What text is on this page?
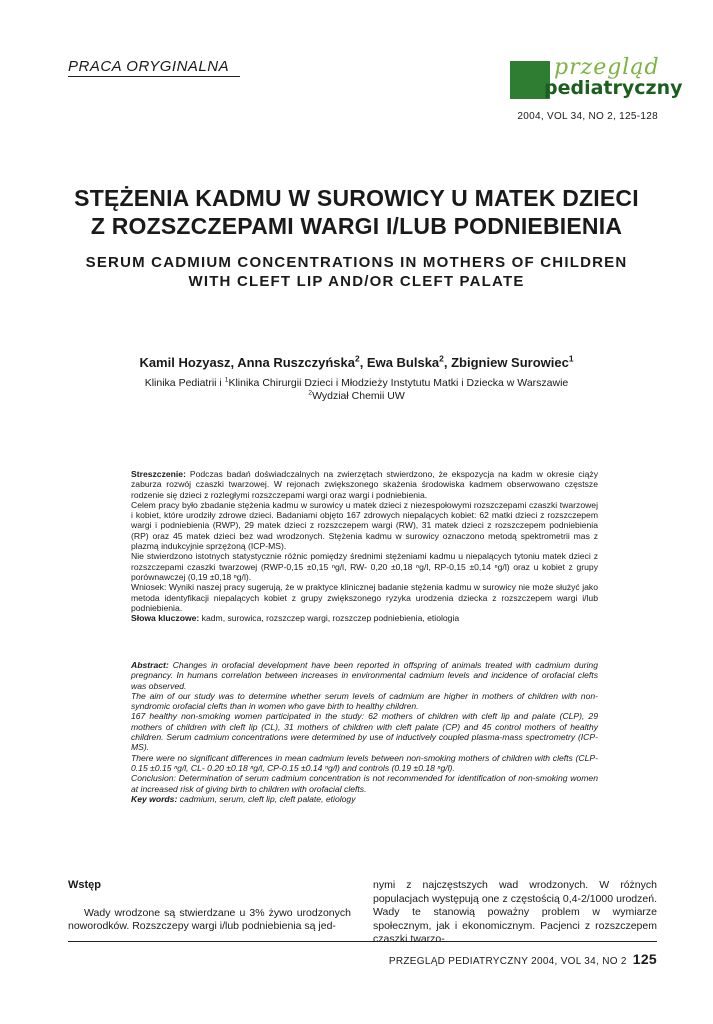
PRACA ORYGINALNA	przegląd
pediatryczny
2004, VOL 34, NO 2, 125-128
STĘŻENIA KADMU W SUROWICY U MATEK DZIECI
Z ROZSZCZEPAMI WARGI I/LUB PODNIEBIENIA
SERUM CADMIUM CONCENTRATIONS IN MOTHERS OF CHILDREN
WITH CLEFT LIP AND/OR CLEFT PALATE
Kamil Hozyasz, Anna Ruszczyńska$^2$, Ewa Bulska$^2$, Zbigniew Surowiec$^1$
Klinika Pediatrii i $^1$Klinika Chirurgii Dzieci i Młodzieży Instytutu Matki i Dziecka w Warszawie
$^2$Wydział Chemii UW

Streszczenie: Podczas badań doświadczalnych na zwierzętach stwierdzono, że ekspozycja na kadm w okresie ciąży zaburza rozwój czaszki twarzowej. W rejonach zwiększonego skażenia środowiska kadmem obserwowano częstsze rodzenie się dzieci z rozległymi rozszczepami wargi oraz wargi i podniebienia.

Celem pracy było zbadanie stężenia kadmu w surowicy u matek dzieci z niezespołowymi rozszczepami czaszki twarzowej i kobiet, które urodziły zdrowe dzieci. Badaniami objęto 167 zdrowych niepalących kobiet: 62 matki dzieci z rozszczepem wargi i podniebienia (RWP), 29 matek dzieci z rozszczepem wargi (RW), 31 matek dzieci z rozszczepem podniebienia (RP) oraz 45 matek dzieci bez wad wrodzonych. Stężenia kadmu w surowicy oznaczono metodą spektrometrii mas z plazmą indukcyjnie sprzężoną (ICP-MS).

Nie stwierdzono istotnych statystycznie różnic pomiędzy średnimi stężeniami kadmu u niepalących tytoniu matek dzieci z rozszczepami czaszki twarzowej (RWP-0,15 ±0,15 ⁿg/l, RW- 0,20 ±0,18 ⁿg/l, RP-0,15 ±0,14 ⁿg/l) oraz u kobiet z grupy porównawczej (0,19 ±0,18 ⁿg/l).

Wniosek: Wyniki naszej pracy sugerują, że w praktyce klinicznej badanie stężenia kadmu w surowicy nie może służyć jako metoda identyfikacji niepalących kobiet z grupy zwiększonego ryzyka urodzenia dziecka z rozszczepem wargi i/lub podniebienia.

Słowa kluczowe: kadm, surowica, rozszczep wargi, rozszczep podniebienia, etiologia

Abstract: Changes in orofacial development have been reported in offspring of animals treated with cadmium during pregnancy. In humans correlation between increases in environmental cadmium levels and incidence of orofacial clefts was observed.

The aim of our study was to determine whether serum levels of cadmium are higher in mothers of children with non-syndromic orofacial clefts than in women who gave birth to healthy children.

167 healthy non-smoking women participated in the study: 62 mothers of children with cleft lip and palate (CLP), 29 mothers of children with cleft lip (CL), 31 mothers of children with cleft palate (CP) and 45 control mothers of healthy children. Serum cadmium concentrations were determined by use of inductively coupled plasma-mass spectrometry (ICP-MS).

There were no significant differences in mean cadmium levels between non-smoking mothers of children with clefts (CLP-0.15 ±0.15 ⁿg/l, CL- 0.20 ±0.18 ⁿg/l, CP-0.15 ±0.14 ⁿg/l) and controls (0.19 ±0.18 ⁿg/l).

Conclusion: Determination of serum cadmium concentration is not recommended for identification of non-smoking women at increased risk of giving birth to children with orofacial clefts.

Key words: cadmium, serum, cleft lip, cleft palate, etiology

Wstęp

Wady wrodzone są stwierdzane u 3% żywo urodzonych noworodków. Rozszczepy wargi i/lub podniebienia są jed-

nymi z najczęstszych wad wrodzonych. W różnych populacjach występują one z częstością 0,4-2/1000 urodzeń. Wady te stanowią poważny problem w wymiarze społecznym, jak i ekonomicznym. Pacjenci z rozszczepem czaszki twarzo-

PRZEGLĄD PEDIATRYCZNY 2004, VOL 34, NO 2 125
